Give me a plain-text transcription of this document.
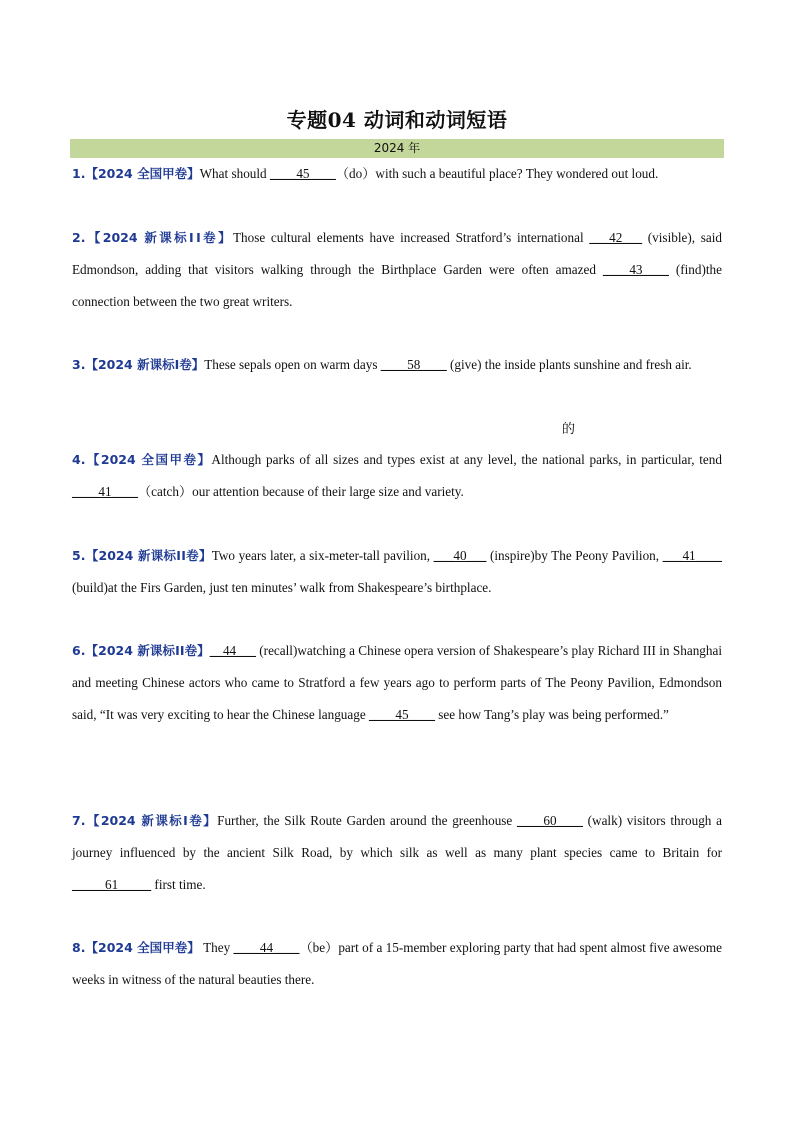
专题04 动词和动词短语
2024 年
1.【2024 全国甲卷】What should ____45____（do）with such a beautiful place? They wondered out loud.
2.【2024 新课标ⅠⅠ卷】Those cultural elements have increased Stratford’s international ___42___ (visible), said Edmondson, adding that visitors walking through the Birthplace Garden were often amazed ____43____ (find)the connection between the two great writers.
3.【2024 新课标Ⅰ卷】These sepals open on warm days ____58____ (give) the inside plants sunshine and fresh air.
的
4.【2024 全国甲卷】Although parks of all sizes and types exist at any level, the national parks, in particular, tend ____41____（catch）our attention because of their large size and variety.
5.【2024 新课标ⅠⅠ卷】Two years later, a six-meter-tall pavilion, ___40___ (inspire)by The Peony Pavilion, ___41____ (build)at the Firs Garden, just ten minutes’ walk from Shakespeare’s birthplace.
6.【2024 新课标ⅠⅠ卷】__44___ (recall)watching a Chinese opera version of Shakespeare’s play Richard III in Shanghai and meeting Chinese actors who came to Stratford a few years ago to perform parts of The Peony Pavilion, Edmondson said, “It was very exciting to hear the Chinese language ____45____ see how Tang’s play was being performed.”
7.【2024 新课标Ⅰ卷】Further, the Silk Route Garden around the greenhouse ____60____ (walk) visitors through a journey influenced by the ancient Silk Road, by which silk as well as many plant species came to Britain for _____61_____ first time.
8.【2024 全国甲卷】 They ____44____（be）part of a 15-member exploring party that had spent almost five awesome weeks in witness of the natural beauties there.
